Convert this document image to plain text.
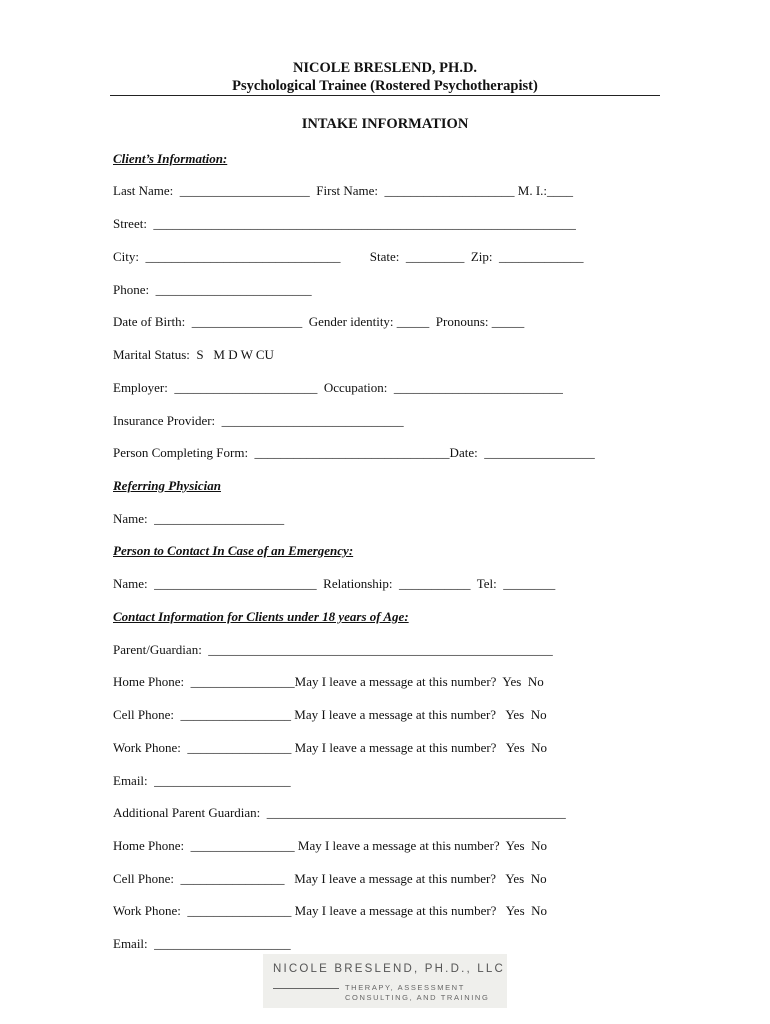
NICOLE BRESLEND, PH.D.
Psychological Trainee (Rostered Psychotherapist)
INTAKE INFORMATION
Client’s Information:
Last Name:  ____________________  First Name:  ____________________ M. I.:____
Street:  _________________________________________________________________
City:  ______________________________         State:  _________  Zip:  _____________
Phone:  ________________________
Date of Birth:  _________________  Gender identity: _____  Pronouns: _____
Marital Status:  S   M D W CU
Employer:  ______________________  Occupation:  __________________________
Insurance Provider:  ____________________________
Person Completing Form:  ______________________________Date:  _________________
Referring Physician
Name:  ____________________
Person to Contact In Case of an Emergency:
Name:  _________________________  Relationship:  ___________  Tel:  ________
Contact Information for Clients under 18 years of Age:
Parent/Guardian:  _____________________________________________________
Home Phone:  ________________May I leave a message at this number?  Yes  No
Cell Phone:  _________________ May I leave a message at this number?   Yes  No
Work Phone:  ________________ May I leave a message at this number?   Yes  No
Email:  _____________________
Additional Parent Guardian:  ______________________________________________
Home Phone:  ________________ May I leave a message at this number?  Yes  No
Cell Phone:  ________________   May I leave a message at this number?   Yes  No
Work Phone:  ________________ May I leave a message at this number?   Yes  No
Email:  _____________________
NICOLE BRESLEND, PH.D., LLC
THERAPY, ASSESSMENT
CONSULTING, AND TRAINING
